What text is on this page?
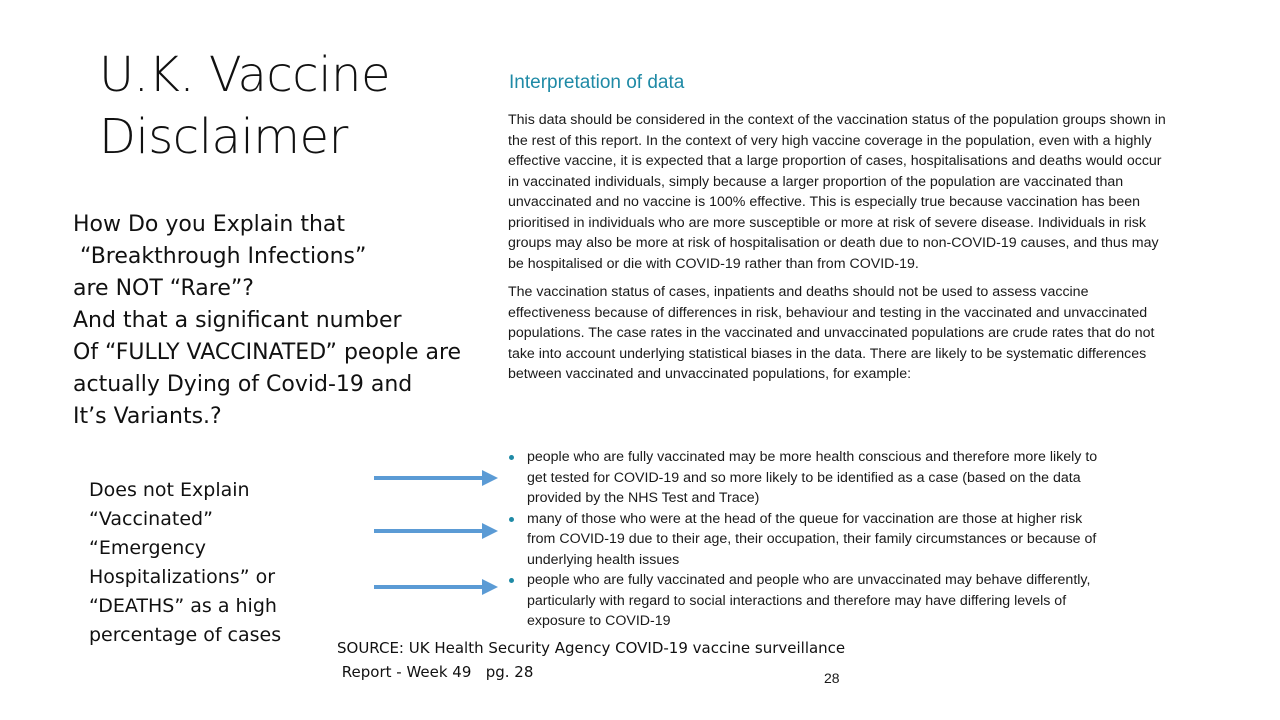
U.K. Vaccine
Disclaimer
How Do you Explain that
“Breakthrough Infections”
are NOT “Rare”?
And that a significant number
Of “FULLY VACCINATED” people are
actually Dying of Covid-19 and
It’s Variants.?
Does not Explain
“Vaccinated”
“Emergency
Hospitalizations” or
“DEATHS” as a high
percentage of cases
Interpretation of data

This data should be considered in the context of the vaccination status of the population groups shown in the rest of this report. In the context of very high vaccine coverage in the population, even with a highly effective vaccine, it is expected that a large proportion of cases, hospitalisations and deaths would occur in vaccinated individuals, simply because a larger proportion of the population are vaccinated than unvaccinated and no vaccine is 100% effective. This is especially true because vaccination has been prioritised in individuals who are more susceptible or more at risk of severe disease. Individuals in risk groups may also be more at risk of hospitalisation or death due to non-COVID-19 causes, and thus may be hospitalised or die with COVID-19 rather than from COVID-19.

The vaccination status of cases, inpatients and deaths should not be used to assess vaccine effectiveness because of differences in risk, behaviour and testing in the vaccinated and unvaccinated populations. The case rates in the vaccinated and unvaccinated populations are crude rates that do not take into account underlying statistical biases in the data. There are likely to be systematic differences between vaccinated and unvaccinated populations, for example:

people who are fully vaccinated may be more health conscious and therefore more likely to get tested for COVID-19 and so more likely to be identified as a case (based on the data provided by the NHS Test and Trace)
many of those who were at the head of the queue for vaccination are those at higher risk from COVID-19 due to their age, their occupation, their family circumstances or because of underlying health issues
people who are fully vaccinated and people who are unvaccinated may behave differently, particularly with regard to social interactions and therefore may have differing levels of exposure to COVID-19
SOURCE: UK Health Security Agency COVID-19 vaccine surveillance
Report - Week 49   pg. 28	28
